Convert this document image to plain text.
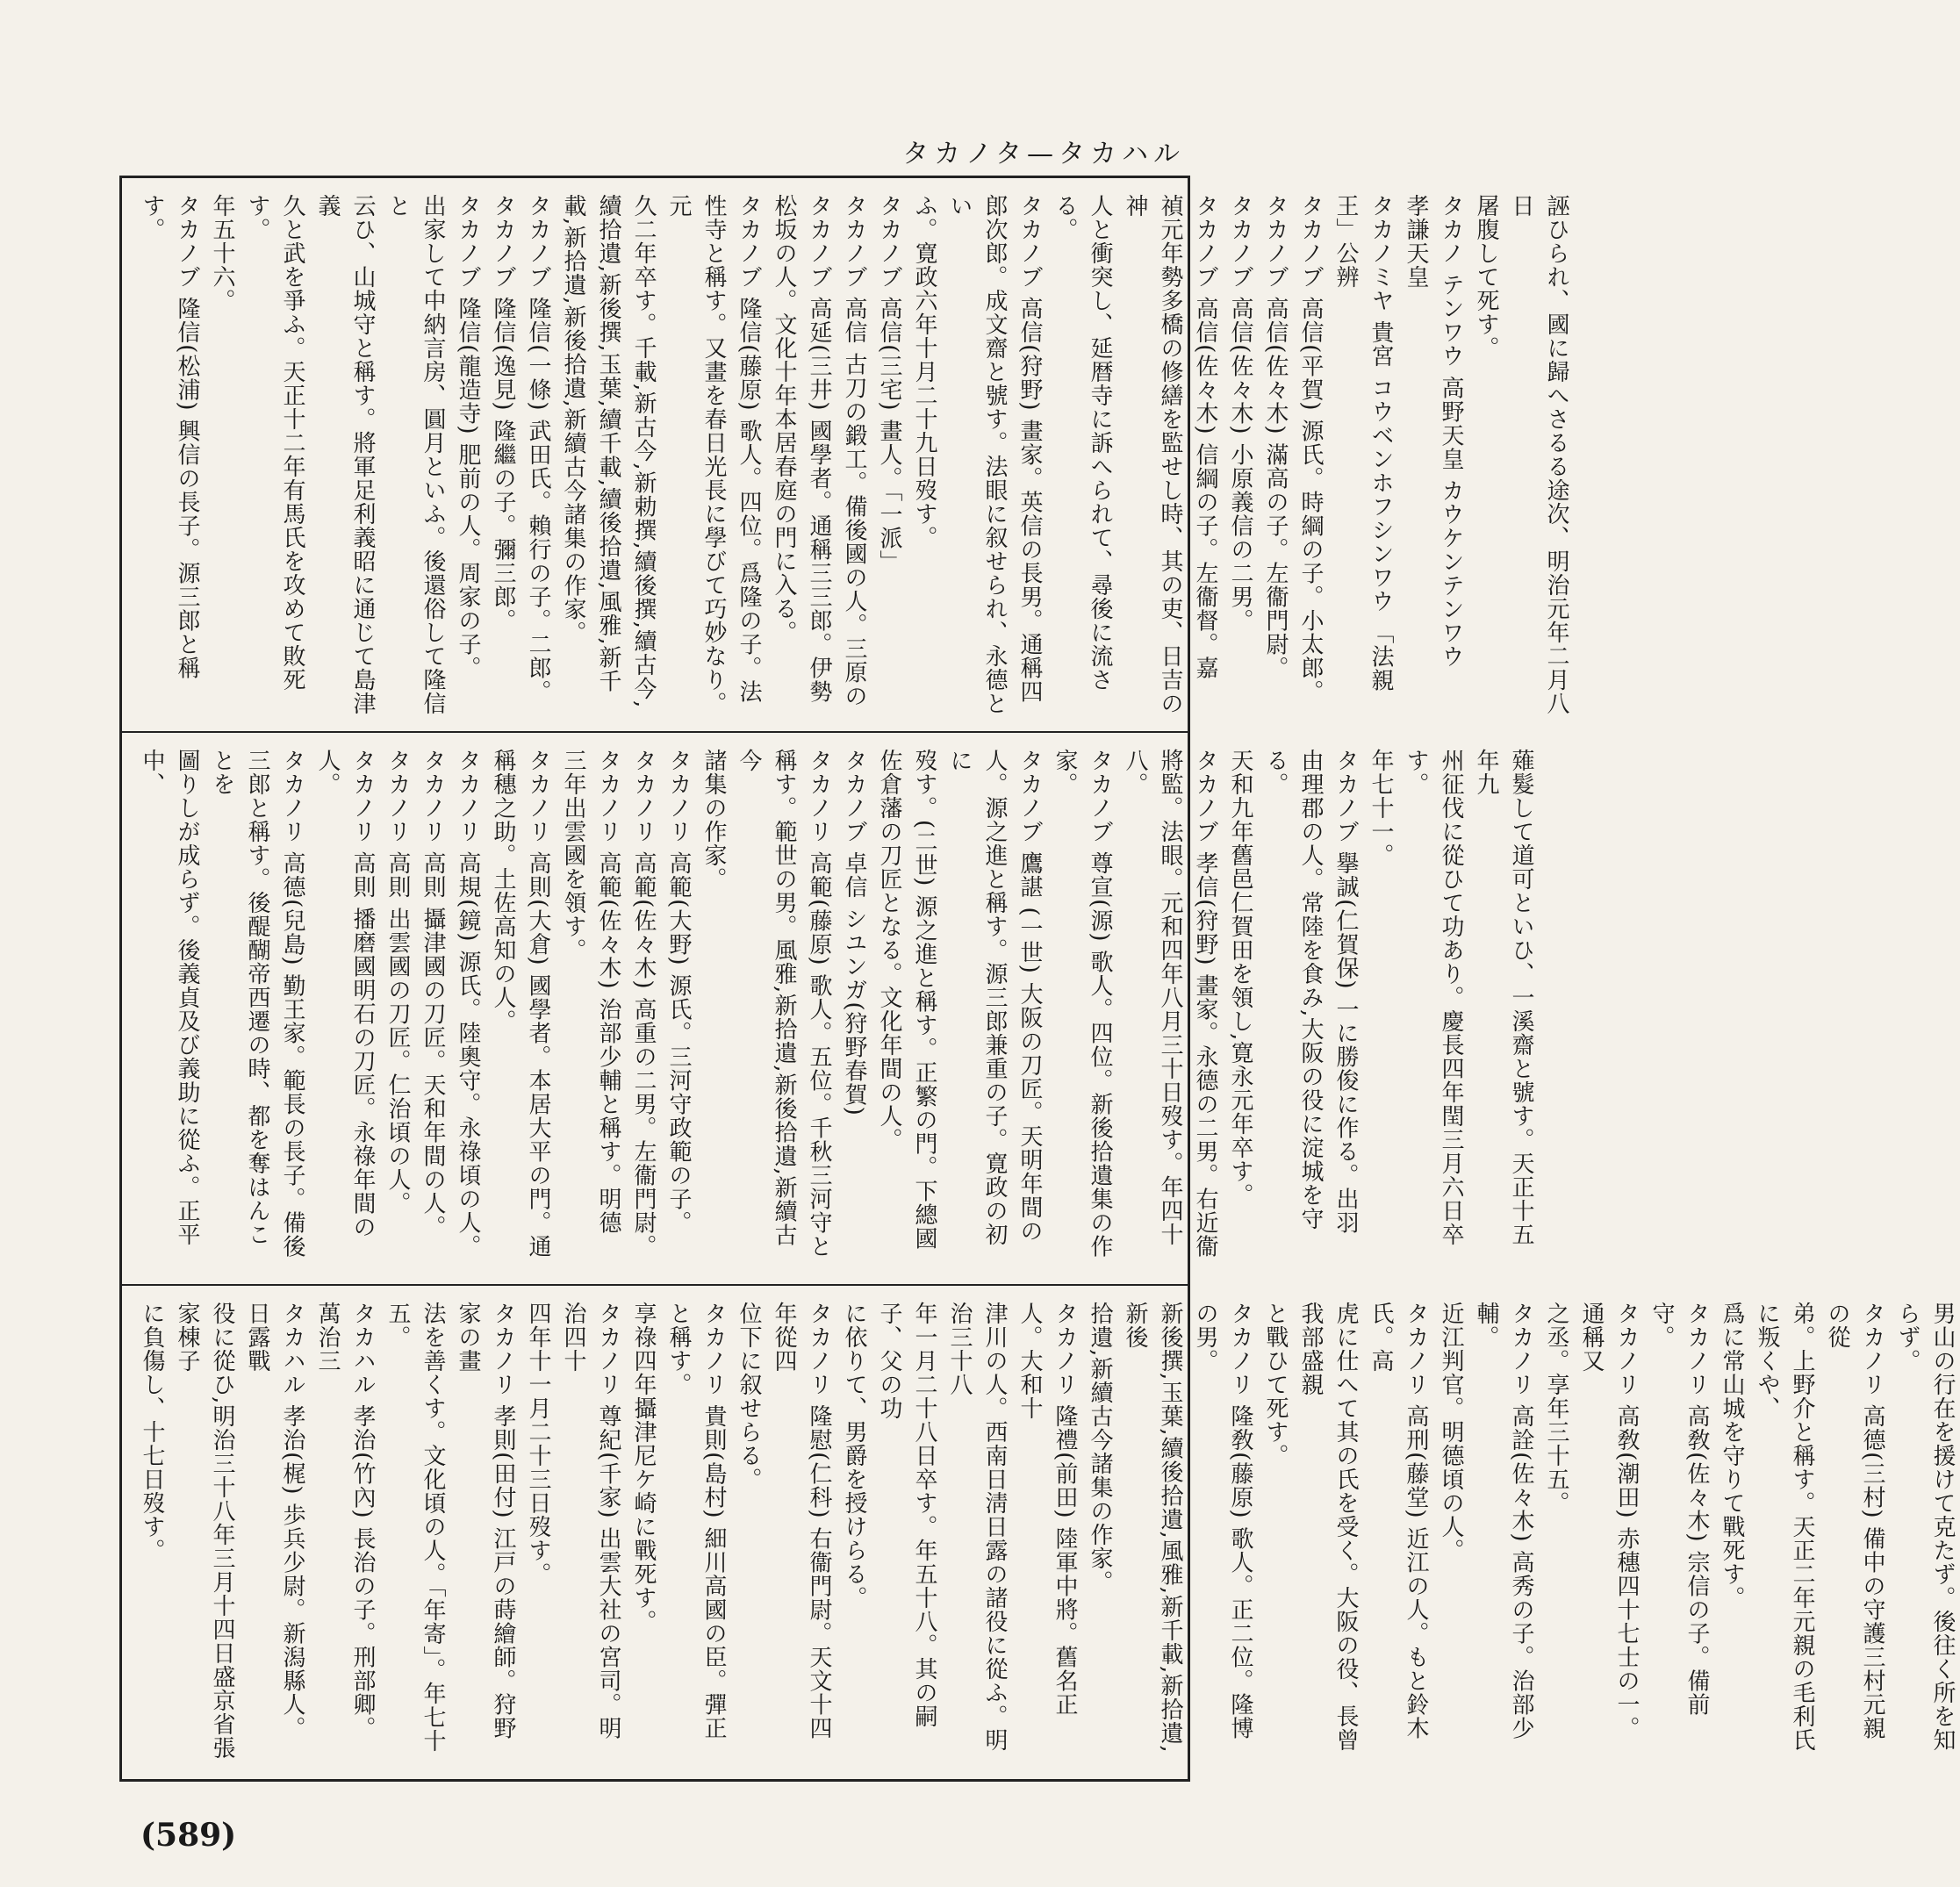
タカノタ—タカハル
誣ひられ、國に歸へさるる途次、明治元年二月八日
屠腹して死す。
タカノ テンワウ 高野天皇 カウケンテンワウ
孝謙天皇
タカノミヤ 貴宮 コウベンホフシンワウ 「法親王」公辨
タカノブ 高信(平賀) 源氏。時綱の子。小太郎。
タカノブ 高信(佐々木) 滿高の子。左衞門尉。
タカノブ 高信(佐々木) 小原義信の二男。
タカノブ 高信(佐々木) 信綱の子。左衞督。嘉
禎元年勢多橋の修繕を監せし時、其の吏、日吉の神
人と衝突し、延暦寺に訴へられて、尋後に流さる。
タカノブ 高信(狩野) 畫家。英信の長男。通稱四
郎次郎。成文齋と號す。法眼に叙せられ、永德とい
ふ。寛政六年十月二十九日歿す。
タカノブ 高信(三宅) 畫人。「一派」
タカノブ 高信 古刀の鍛工。備後國の人。三原の
タカノブ 高延(三井) 國學者。通稱三三郎。伊勢
松坂の人。文化十年本居春庭の門に入る。
タカノブ 隆信(藤原) 歌人。四位。爲隆の子。法
性寺と稱す。又畫を春日光長に學びて巧妙なり。元
久二年卒す。千載,新古今,新勅撰,續後撰,續古今,
續拾遺,新後撰,玉葉,續千載,續後拾遺,風雅,新千
載,新拾遺,新後拾遺,新續古今諸集の作家。
タカノブ 隆信(一條) 武田氏。賴行の子。二郎。
タカノブ 隆信(逸見) 隆繼の子。彌三郎。
タカノブ 隆信(龍造寺) 肥前の人。周家の子。
出家して中納言房、圓月といふ。後還俗して隆信と
云ひ、山城守と稱す。將軍足利義昭に通じて島津義
久と武を爭ふ。天正十二年有馬氏を攻めて敗死す。
年五十六。
タカノブ 隆信(松浦) 興信の長子。源三郎と稱す。
薙髮して道可といひ、一溪齋と號す。天正十五年九
州征伐に從ひて功あり。慶長四年閏三月六日卒す。
年七十一。
タカノブ 擧誠(仁賀保) 一に勝俊に作る。出羽
由理郡の人。常陸を食み,大阪の役に淀城を守る。
天和九年舊邑仁賀田を領し,寛永元年卒す。
タカノブ 孝信(狩野) 畫家。永德の二男。右近衞
將監。法眼。元和四年八月三十日歿す。年四十八。
タカノブ 尊宣(源) 歌人。四位。新後拾遺集の作
家。
タカノブ 鷹諶 (一世) 大阪の刀匠。天明年間の
人。源之進と稱す。源三郎兼重の子。寛政の初に
歿す。(二世) 源之進と稱す。正繁の門。下總國
佐倉藩の刀匠となる。文化年間の人。
タカノブ 卓信 シユンガ(狩野春賀)
タカノリ 高範(藤原) 歌人。五位。千秋三河守と
稱す。範世の男。風雅,新拾遺,新後拾遺,新續古今
諸集の作家。
タカノリ 高範(大野) 源氏。三河守政範の子。
タカノリ 高範(佐々木) 高重の二男。左衞門尉。
タカノリ 高範(佐々木) 治部少輔と稱す。明德
三年出雲國を領す。
タカノリ 高則(大倉) 國學者。本居大平の門。通
稱穗之助。土佐高知の人。
タカノリ 高規(鏡) 源氏。陸奧守。永祿頃の人。
タカノリ 高則 攝津國の刀匠。天和年間の人。
タカノリ 高則 出雲國の刀匠。仁治頃の人。
タカノリ 高則 播磨國明石の刀匠。永祿年間の人。
タカノリ 高德(兒島) 勤王家。範長の長子。備後
三郎と稱す。後醍醐帝西遷の時、都を奪はんことを
圖りしが成らず。後義貞及び義助に從ふ。正平中、
男山の行在を援けて克たず。後往く所を知らず。
タカノリ 高德(三村) 備中の守護三村元親の從
弟。上野介と稱す。天正二年元親の毛利氏に叛くや、
爲に常山城を守りて戰死す。
タカノリ 高敎(佐々木) 宗信の子。備前守。
タカノリ 高敎(潮田) 赤穗四十七士の一。通稱又
之丞。享年三十五。
タカノリ 高詮(佐々木) 高秀の子。治部少輔。
近江判官。明德頃の人。
タカノリ 高刑(藤堂) 近江の人。もと鈴木氏。高
虎に仕へて其の氏を受く。大阪の役、長曾我部盛親
と戰ひて死す。
タカノリ 隆敎(藤原) 歌人。正二位。隆博の男。
新後撰,玉葉,續後拾遺,風雅,新千載,新拾遺,新後
拾遺,新續古今諸集の作家。
タカノリ 隆禮(前田) 陸軍中將。舊名正人。大和十
津川の人。西南日淸日露の諸役に從ふ。明治三十八
年一月二十八日卒す。年五十八。其の嗣子、父の功
に依りて、男爵を授けらる。
タカノリ 隆慰(仁科) 右衞門尉。天文十四年從四
位下に叙せらる。
タカノリ 貴則(島村) 細川高國の臣。彈正と稱す。
享祿四年攝津尼ケ崎に戰死す。
タカノリ 尊紀(千家) 出雲大社の宮司。明治四十
四年十一月二十三日歿す。
タカノリ 孝則(田付) 江戸の蒔繪師。狩野家の畫
法を善くす。文化頃の人。「年寄」。年七十五。
タカハル 孝治(竹內) 長治の子。刑部卿。萬治三
タカハル 孝治(梶) 歩兵少尉。新潟縣人。日露戰
役に從ひ,明治三十八年三月十四日盛京省張家棟子
に負傷し、十七日歿す。
(589)
